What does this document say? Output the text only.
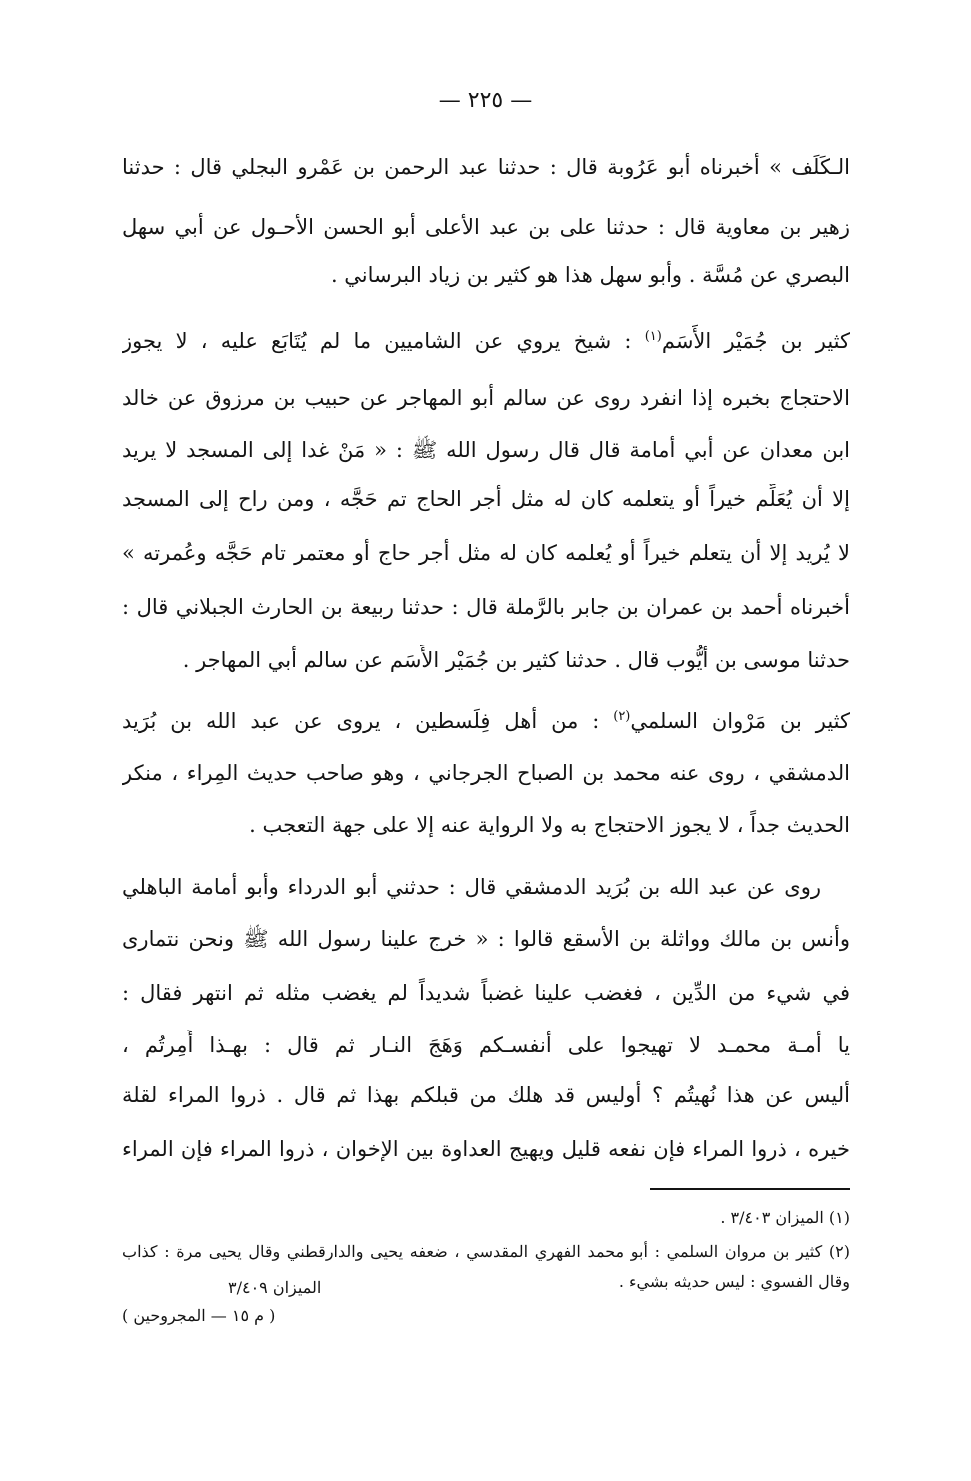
— ٢٢٥ —
الـكَلَف » أخبرناه أبو عَرُوبة قال : حدثنا عبد الرحمن بن عَمْرو البجلي قال : حدثنا
زهير بن معاوية قال : حدثنا على بن عبد الأعلى أبو الحسن الأحـول عن أبي سهل
البصري عن مُسَّة . وأبو سهل هذا هو كثير بن زياد البرساني .
كثير بن جُمَيْر الأَسَم$^{(١)}$ : شيخ يروي عن الشاميين ما لم يُتَابَع عليه ، لا يجوز
الاحتجاج بخبره إذا انفرد روى عن سالم أبو المهاجر عن حبيب بن مرزوق عن خالد
ابن معدان عن أبي أمامة قال قال رسول الله ﷺ : « مَنْ غدا إلى المسجد لا يريد
إلا أن يُعَلِّم خيراً أو يتعلمه كان له مثل أجر الحاج تم حَجَّه ، ومن راح إلى المسجد
لا يُريد إلا أن يتعلم خيراً أو يُعلمه كان له مثل أجر حاج أو معتمر تام حَجَّه وعُمرته »
أخبرناه أحمد بن عمران بن جابر بالرَّملة قال : حدثنا ربيعة بن الحارث الجبلاني قال :
حدثنا موسى بن أيُّوب قال . حدثنا كثير بن جُمَيْر الأَسَم عن سالم أبي المهاجر .
كثير بن مَرْوان السلمي$^{(٢)}$ : من أهل فِلَسطين ، يروى عن عبد الله بن بُرَيد
الدمشقي ، روى عنه محمد بن الصباح الجرجاني ، وهو صاحب حديث المِراء ، منكر
الحديث جداً ، لا يجوز الاحتجاج به ولا الرواية عنه إلا على جهة التعجب .
روى عن عبد الله بن بُرَيد الدمشقي قال : حدثني أبو الدرداء وأبو أمامة الباهلي
وأنس بن مالك وواثلة بن الأسقع قالوا : « خرج علينا رسول الله ﷺ ونحن نتمارى
في شيء من الدِّين ، فغضب علينا غضباً شديداً لم يغضب مثله ثم انتهر فقال :
يا أمـة محمـد لا تهيجوا على أنفسـكم وَهَجَ النـار ثم قال : بهـذا أُمِرتُم ،
أليس عن هذا نُهيتُم ؟ أوليس قد هلك من قبلكم بهذا ثم قال . ذروا المراء لقلة
خيره ، ذروا المراء فإن نفعه قليل ويهيج العداوة بين الإخوان ، ذروا المراء فإن المراء
(١) الميزان ٣/٤٠٣ .
(٢) كثير بن مروان السلمي : أبو محمد الفهري المقدسي ، ضعفه يحيى والدارقطني وقال يحيى مرة : كذاب
وقال الفسوي : ليس حديثه بشيء .
الميزان ٣/٤٠٩
( م ١٥ — المجروحين )
